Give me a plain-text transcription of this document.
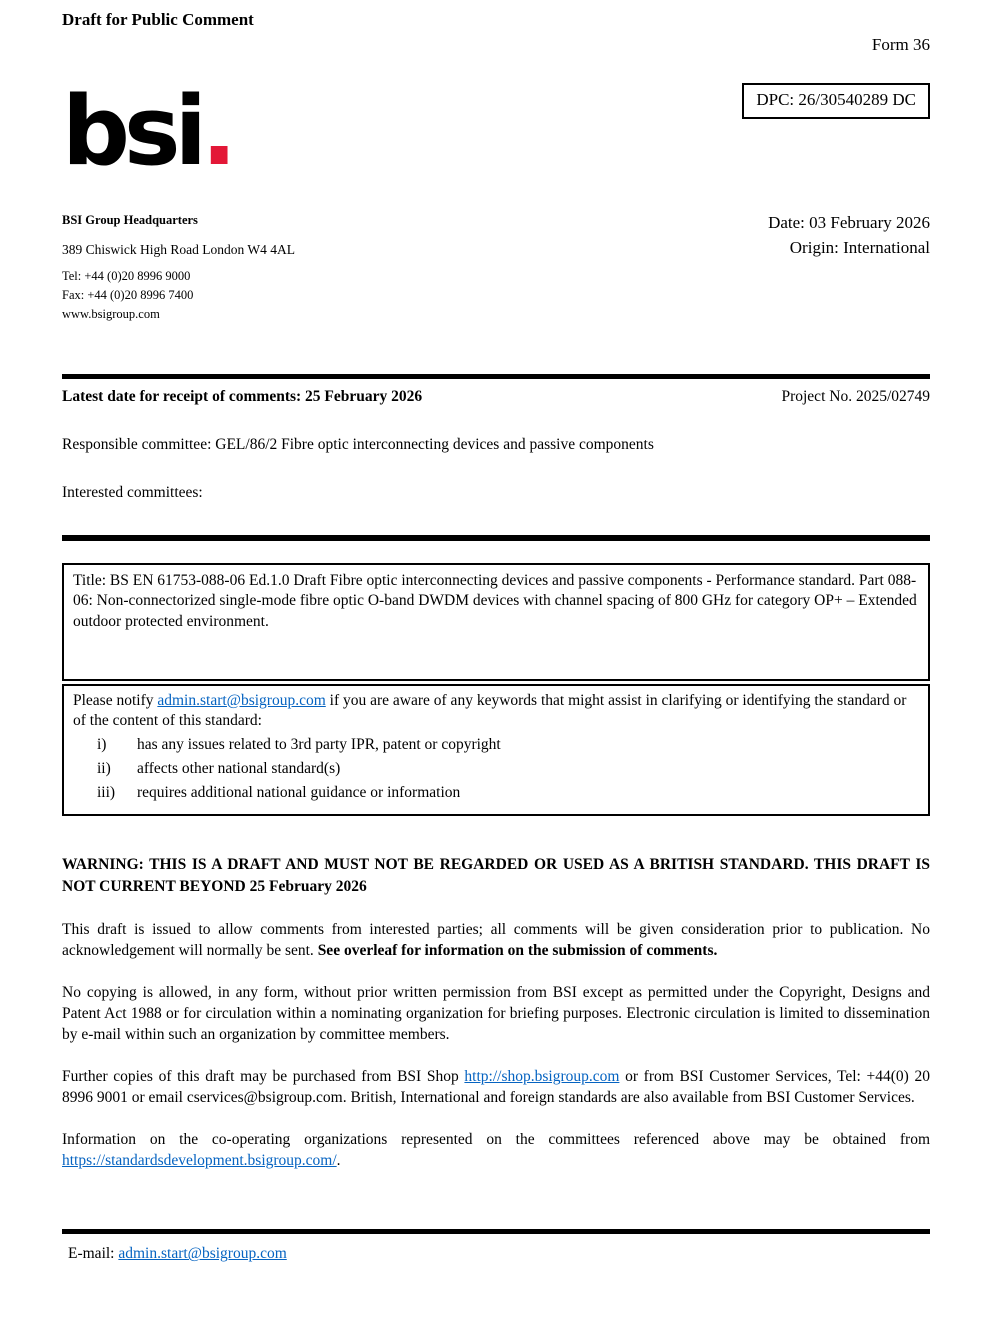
Draft for Public Comment
Form 36
bsi.	DPC: 26/30540289 DC
BSI Group Headquarters
389 Chiswick High Road London W4 4AL
Tel: +44 (0)20 8996 9000
Fax: +44 (0)20 8996 7400
www.bsigroup.com
Date: 03 February 2026
Origin: International
Latest date for receipt of comments: 25 February 2026	Project No. 2025/02749
Responsible committee: GEL/86/2 Fibre optic interconnecting devices and passive components
Interested committees:
Title: BS EN 61753-088-06 Ed.1.0 Draft Fibre optic interconnecting devices and passive components - Performance standard. Part 088-06: Non-connectorized single-mode fibre optic O-band DWDM devices with channel spacing of 800 GHz for category OP+ – Extended outdoor protected environment.
Please notify admin.start@bsigroup.com if you are aware of any keywords that might assist in clarifying or identifying the standard or of the content of this standard:
i)	has any issues related to 3rd party IPR, patent or copyright
ii)	affects other national standard(s)
iii)	requires additional national guidance or information
WARNING: THIS IS A DRAFT AND MUST NOT BE REGARDED OR USED AS A BRITISH STANDARD. THIS DRAFT IS NOT CURRENT BEYOND 25 February 2026

This draft is issued to allow comments from interested parties; all comments will be given consideration prior to publication. No acknowledgement will normally be sent. See overleaf for information on the submission of comments.

No copying is allowed, in any form, without prior written permission from BSI except as permitted under the Copyright, Designs and Patent Act 1988 or for circulation within a nominating organization for briefing purposes. Electronic circulation is limited to dissemination by e-mail within such an organization by committee members.

Further copies of this draft may be purchased from BSI Shop http://shop.bsigroup.com or from BSI Customer Services, Tel: +44(0) 20 8996 9001 or email cservices@bsigroup.com. British, International and foreign standards are also available from BSI Customer Services.

Information on the co-operating organizations represented on the committees referenced above may be obtained from https://standardsdevelopment.bsigroup.com/.

E-mail: admin.start@bsigroup.com
